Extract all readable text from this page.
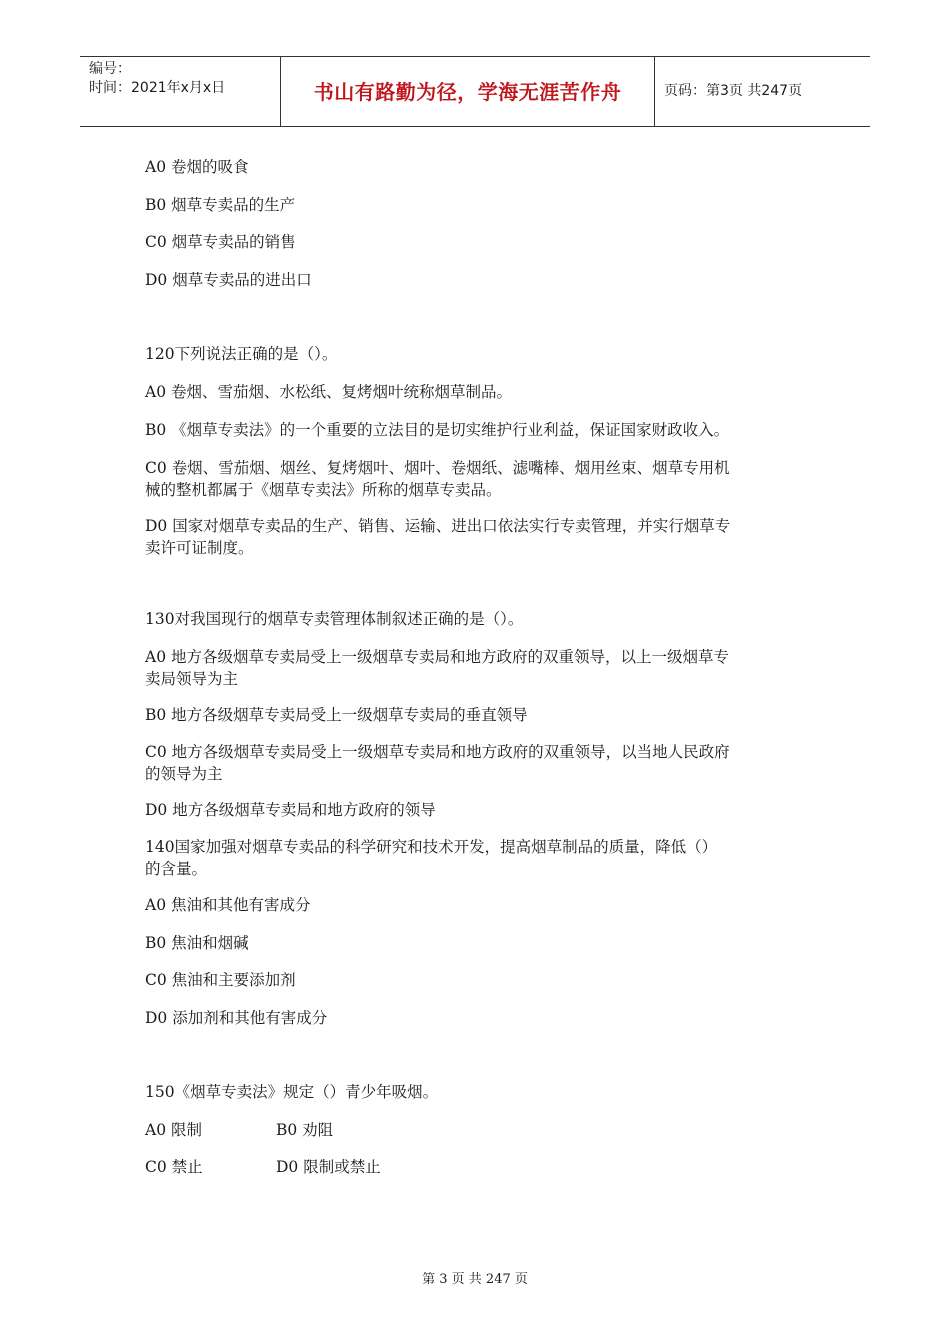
编号：
时间：2021年x月x日	书山有路勤为径，学海无涯苦作舟	页码：第3页 共247页
A0 卷烟的吸食
B0 烟草专卖品的生产
C0 烟草专卖品的销售
D0 烟草专卖品的进出口
120下列说法正确的是（）。
A0 卷烟、雪茄烟、水松纸、复烤烟叶统称烟草制品。
B0 《烟草专卖法》的一个重要的立法目的是切实维护行业利益，保证国家财政收入。
C0 卷烟、雪茄烟、烟丝、复烤烟叶、烟叶、卷烟纸、滤嘴棒、烟用丝束、烟草专用机
械的整机都属于《烟草专卖法》所称的烟草专卖品。
D0 国家对烟草专卖品的生产、销售、运输、进出口依法实行专卖管理，并实行烟草专
卖许可证制度。
130对我国现行的烟草专卖管理体制叙述正确的是（）。
A0 地方各级烟草专卖局受上一级烟草专卖局和地方政府的双重领导，以上一级烟草专
卖局领导为主
B0 地方各级烟草专卖局受上一级烟草专卖局的垂直领导
C0 地方各级烟草专卖局受上一级烟草专卖局和地方政府的双重领导，以当地人民政府
的领导为主
D0 地方各级烟草专卖局和地方政府的领导
140国家加强对烟草专卖品的科学研究和技术开发，提高烟草制品的质量，降低（）
的含量。
A0 焦油和其他有害成分
B0 焦油和烟碱
C0 焦油和主要添加剂
D0 添加剂和其他有害成分
150《烟草专卖法》规定（）青少年吸烟。
A0 限制	B0 劝阻
C0 禁止	D0 限制或禁止
第 3 页 共 247 页
